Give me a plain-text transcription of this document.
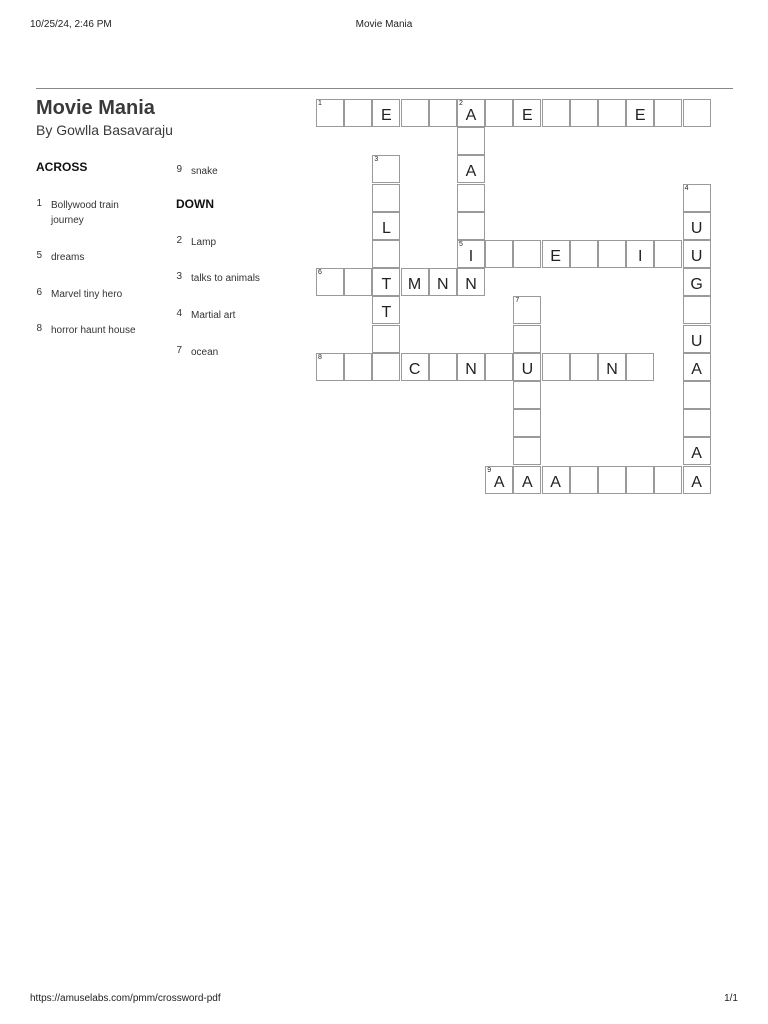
10/25/24, 2:46 PM	Movie Mania
Movie Mania
By Gowlla Basavaraju
ACROSS
1 Bollywood train journey
5 dreams
6 Marvel tiny hero
8 horror haunt house
9 snake
DOWN
2 Lamp
3 talks to animals
4 Martial art
7 ocean
1
E
2
A	E	E
A
5
I
N
3
L
T
T
4
U
U
G
U
A
A
E	I
6
M N
7
U
A
8
C	N	N
9
A	A	A
https://amuselabs.com/pmm/crossword-pdf	1/1
